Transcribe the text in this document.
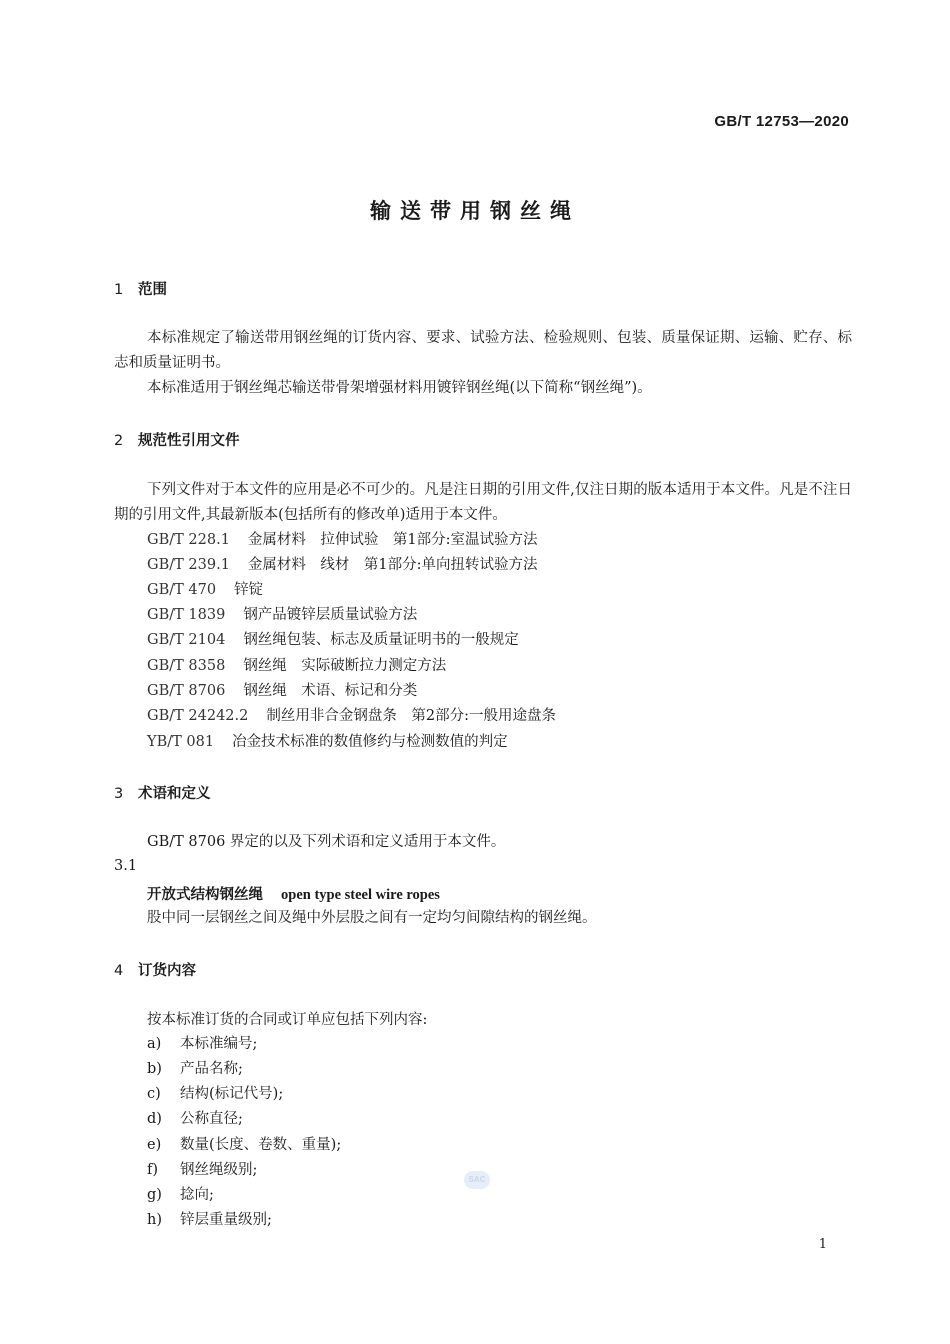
GB/T 12753—2020
输送带用钢丝绳
1 范围
本标准规定了输送带用钢丝绳的订货内容、要求、试验方法、检验规则、包装、质量保证期、运输、贮存、标志和质量证明书。
本标准适用于钢丝绳芯输送带骨架增强材料用镀锌钢丝绳(以下简称“钢丝绳”)。
2 规范性引用文件
下列文件对于本文件的应用是必不可少的。凡是注日期的引用文件,仅注日期的版本适用于本文件。凡是不注日期的引用文件,其最新版本(包括所有的修改单)适用于本文件。
GB/T 228.1 金属材料　拉伸试验　第1部分:室温试验方法
GB/T 239.1 金属材料　线材　第1部分:单向扭转试验方法
GB/T 470 锌锭
GB/T 1839 钢产品镀锌层质量试验方法
GB/T 2104 钢丝绳包装、标志及质量证明书的一般规定
GB/T 8358 钢丝绳　实际破断拉力测定方法
GB/T 8706 钢丝绳　术语、标记和分类
GB/T 24242.2 制丝用非合金钢盘条　第2部分:一般用途盘条
YB/T 081 冶金技术标准的数值修约与检测数值的判定
3 术语和定义
GB/T 8706 界定的以及下列术语和定义适用于本文件。
3.1
开放式结构钢丝绳 open type steel wire ropes
股中同一层钢丝之间及绳中外层股之间有一定均匀间隙结构的钢丝绳。
4 订货内容
按本标准订货的合同或订单应包括下列内容:
a) 本标准编号;
b) 产品名称;
c) 结构(标记代号);
d) 公称直径;
e) 数量(长度、卷数、重量);
f) 钢丝绳级别;
g) 捻向;
h) 锌层重量级别;
SAC
1
